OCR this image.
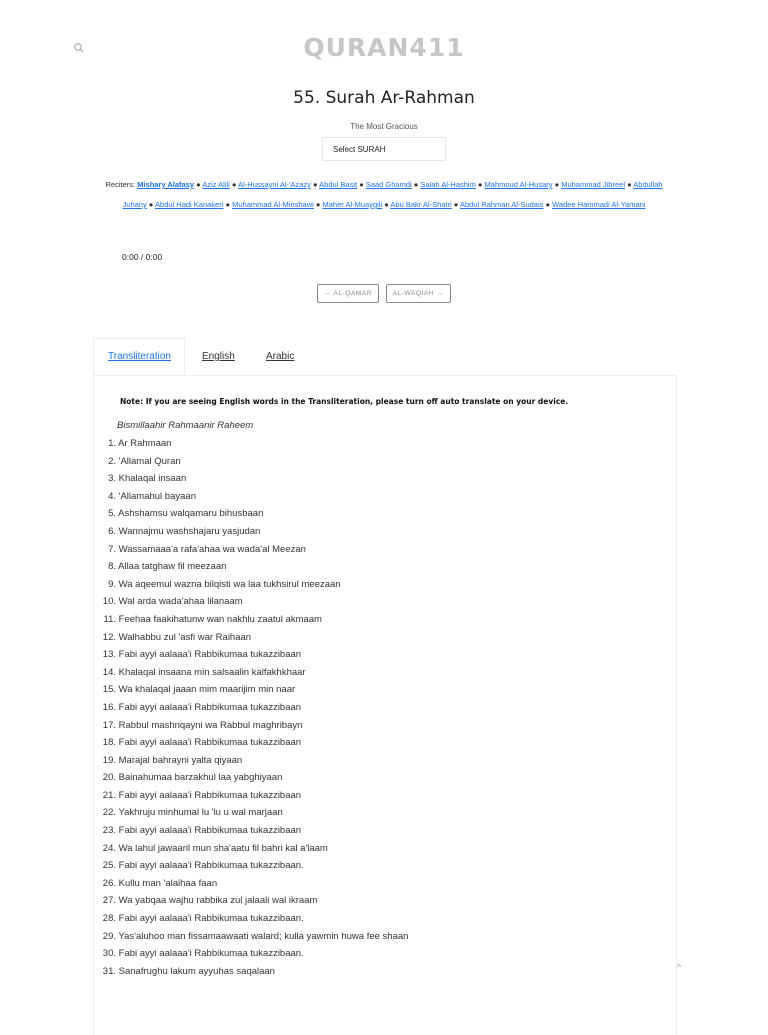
QURAN411
55. Surah Ar-Rahman
The Most Gracious
Select SURAH
Reciters: Mishary Alafasy ● Aziz Alili ● Al-Hussayni Al-'Azazy ● Abdul Basit ● Saad Ghamdi ● Salah Al-Hashim ● Mahmoud Al-Husary ● Muhammad Jibreel ● Abdullah Juhany ● Abdul Hadi Kanakeri ● Muhammad Al-Minshawi ● Maher Al-Muaygili ● Abu Bakr Al-Shatri ● Abdul Rahman Al-Sudais ● Wadee Hammadi Al-Yamani
0:00 / 0:00
← AL-QAMAR	AL-WAQIAH →
Transliteration	English	Arabic
Note: If you are seeing English words in the Transliteration, please turn off auto translate on your device.
Bismillaahir Rahmaanir Raheem
1. Ar Rahmaan
2. 'Allamal Quran
3. Khalaqal insaan
4. 'Allamahul bayaan
5. Ashshamsu walqamaru bihusbaan
6. Wannajmu washshajaru yasjudan
7. Wassamaaa'a rafa'ahaa wa wada'al Meezan
8. Allaa tatghaw fil meezaan
9. Wa aqeemul wazna bilqisti wa laa tukhsirul meezaan
10. Wal arda wada'ahaa lilanaam
11. Feehaa faakihatunw wan nakhlu zaatul akmaam
12. Walhabbu zul 'asfi war Raihaan
13. Fabi ayyi aalaaa'i Rabbikumaa tukazzibaan
14. Khalaqal insaana min salsaalin kalfakhkhaar
15. Wa khalaqal jaaan mim maarijim min naar
16. Fabi ayyi aalaaa'i Rabbikumaa tukazzibaan
17. Rabbul mashriqayni wa Rabbul maghribayn
18. Fabi ayyi aalaaa'i Rabbikumaa tukazzibaan
19. Marajal bahrayni yalta qiyaan
20. Bainahumaa barzakhul laa yabghiyaan
21. Fabi ayyi aalaaa'i Rabbikumaa tukazzibaan
22. Yakhruju minhumal lu 'lu u wal marjaan
23. Fabi ayyi aalaaa'i Rabbikumaa tukazzibaan
24. Wa lahul jawaaril mun sha'aatu fil bahri kal a'laam
25. Fabi ayyi aalaaa'i Rabbikumaa tukazzibaan.
26. Kullu man 'alaihaa faan
27. Wa yabqaa wajhu rabbika zul jalaali wal ikraam
28. Fabi ayyi aalaaa'i Rabbikumaa tukazzibaan.
29. Yas'aluhoo man fissamaawaati walard; kulla yawmin huwa fee shaan
30. Fabi ayyi aalaaa'i Rabbikumaa tukazzibaan.
31. Sanafrughu lakum ayyuhas saqalaan	^
